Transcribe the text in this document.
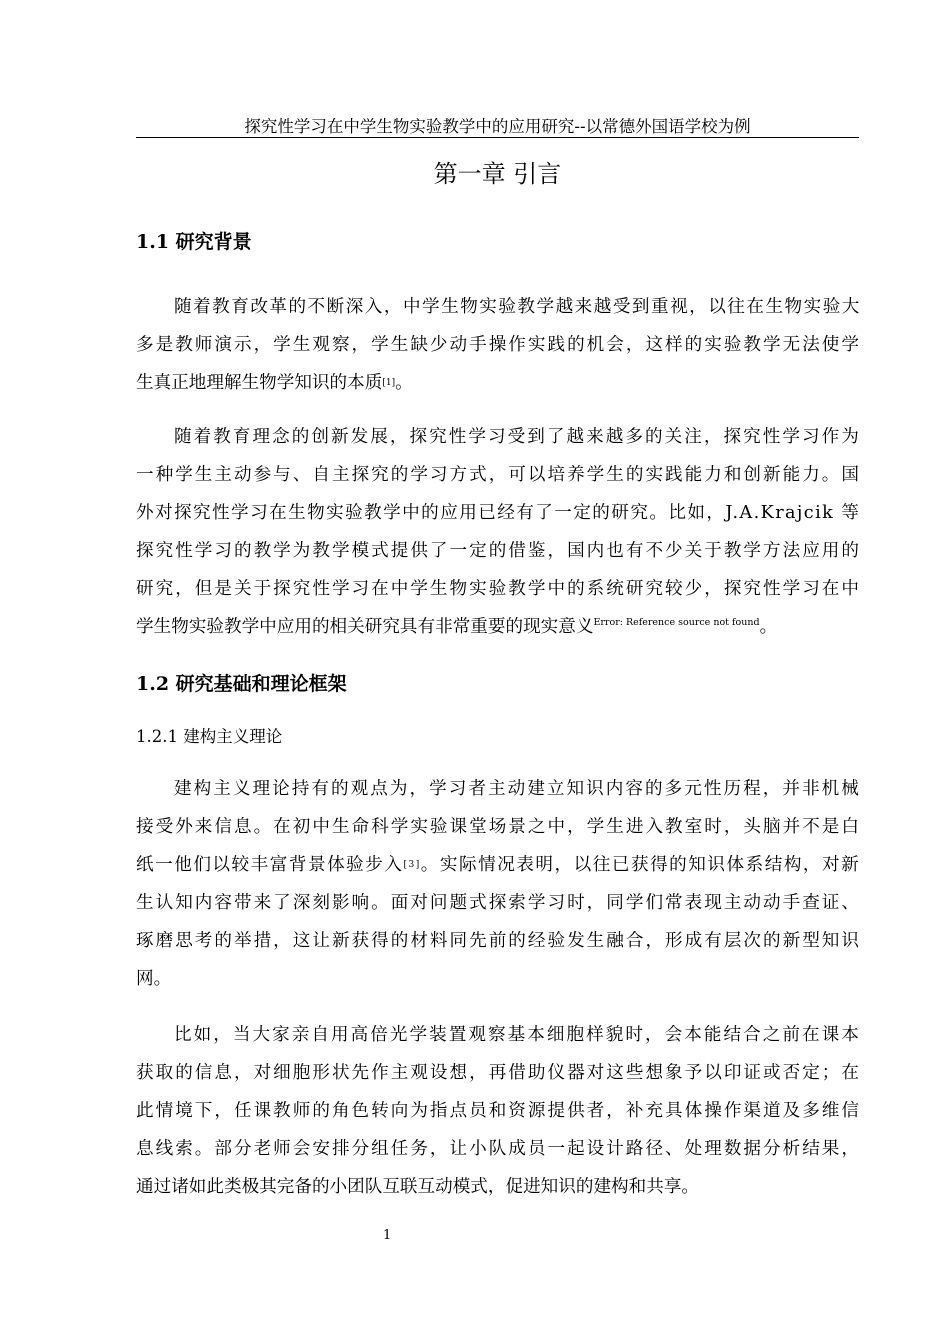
探究性学习在中学生物实验教学中的应用研究--以常德外国语学校为例
第一章 引言
1.1 研究背景
随着教育改革的不断深入，中学生物实验教学越来越受到重视，以往在生物实验大
多是教师演示，学生观察，学生缺少动手操作实践的机会，这样的实验教学无法使学
生真正地理解生物学知识的本质[1]。
随着教育理念的创新发展，探究性学习受到了越来越多的关注，探究性学习作为
一种学生主动参与、自主探究的学习方式，可以培养学生的实践能力和创新能力。国
外对探究性学习在生物实验教学中的应用已经有了一定的研究。比如，J.A.Krajcik 等
探究性学习的教学为教学模式提供了一定的借鉴，国内也有不少关于教学方法应用的
研究，但是关于探究性学习在中学生物实验教学中的系统研究较少，探究性学习在中
学生物实验教学中应用的相关研究具有非常重要的现实意义$^{Error: Reference source not found}$。
1.2 研究基础和理论框架
1.2.1 建构主义理论
建构主义理论持有的观点为，学习者主动建立知识内容的多元性历程，并非机械
接受外来信息。在初中生命科学实验课堂场景之中，学生进入教室时，头脑并不是白
纸一他们以较丰富背景体验步入[3]。实际情况表明，以往已获得的知识体系结构，对新
生认知内容带来了深刻影响。面对问题式探索学习时，同学们常表现主动动手查证、
琢磨思考的举措，这让新获得的材料同先前的经验发生融合，形成有层次的新型知识
网。
比如，当大家亲自用高倍光学装置观察基本细胞样貌时，会本能结合之前在课本
获取的信息，对细胞形状先作主观设想，再借助仪器对这些想象予以印证或否定；在
此情境下，任课教师的角色转向为指点员和资源提供者，补充具体操作渠道及多维信
息线索。部分老师会安排分组任务，让小队成员一起设计路径、处理数据分析结果，
通过诸如此类极其完备的小团队互联互动模式，促进知识的建构和共享。
1
